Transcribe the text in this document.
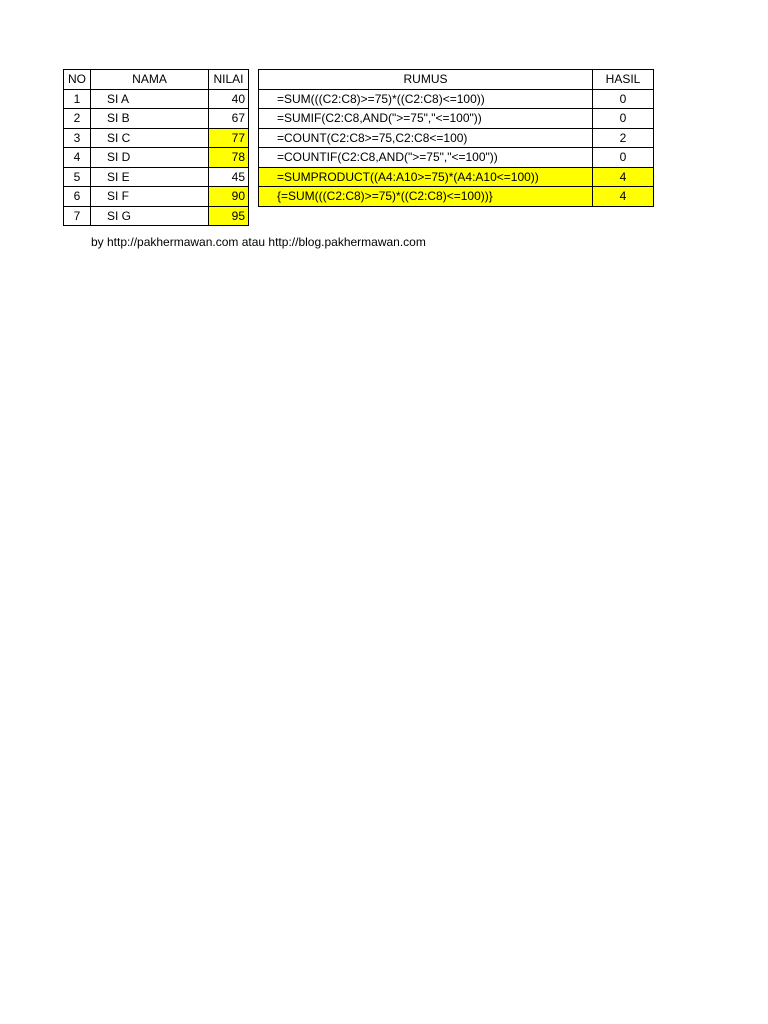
NO	NAMA	NILAI
1	SI A	40
2	SI B	67
3	SI C	77
4	SI D	78
5	SI E	45
6	SI F	90
7	SI G	95
RUMUS	HASIL
=SUM(((C2:C8)>=75)*((C2:C8)<=100))	0
=SUMIF(C2:C8,AND(">=75","<=100"))	0
=COUNT(C2:C8>=75,C2:C8<=100)	2
=COUNTIF(C2:C8,AND(">=75","<=100"))	0
=SUMPRODUCT((A4:A10>=75)*(A4:A10<=100))	4
{=SUM(((C2:C8)>=75)*((C2:C8)<=100))}	4
by http://pakhermawan.com atau http://blog.pakhermawan.com
